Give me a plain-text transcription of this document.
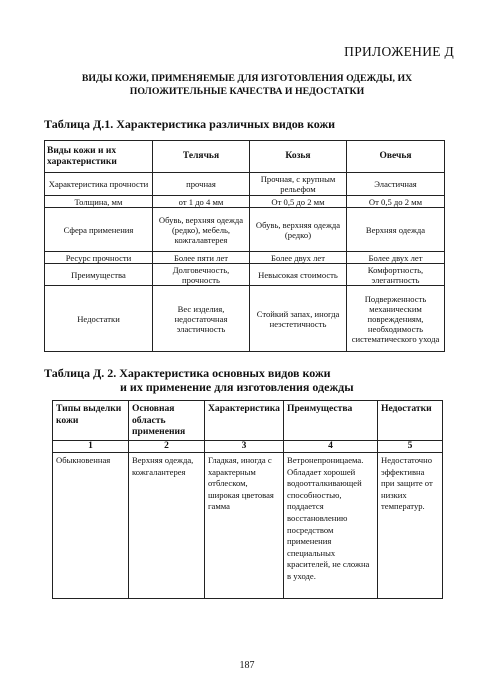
ПРИЛОЖЕНИЕ Д
ВИДЫ КОЖИ, ПРИМЕНЯЕМЫЕ ДЛЯ ИЗГОТОВЛЕНИЯ ОДЕЖДЫ, ИХ
ПОЛОЖИТЕЛЬНЫЕ КАЧЕСТВА И НЕДОСТАТКИ
Таблица Д.1. Характеристика различных видов кожи
Виды кожи и их характеристики	Телячья	Козья	Овечья
Характеристика прочности	прочная	Прочная, с крупным рельефом	Эластичная
Толщина, мм	от 1 до 4 мм	От 0,5 до 2 мм	От 0,5 до 2 мм
Сфера применения	Обувь, верхняя одежда (редко), мебель, кожгалавтерея	Обувь, верхняя одежда (редко)	Верхняя одежда
Ресурс прочности	Более пяти лет	Более двух лет	Более двух лет
Преимущества	Долговечность, прочность	Невысокая стоимость	Комфортность, элегантность
Недостатки	Вес изделия, недостаточная эластичность	Стойкий запах, иногда неэстетичность	Подверженность механическим повреждениям, необходимость систематического ухода
Таблица Д. 2. Характеристика основных видов кожи
и их применение для изготовления одежды
Типы выделки кожи	Основная область применения	Характеристика	Преимущества	Недостатки
1	2	3	4	5
Обыкновенная	Верхняя одежда, кожгалантерея	Гладкая, иногда с характерным отблеском, широкая цветовая гамма	Ветронепроницаема. Обладает хорошей водоотталкивающей способностью, поддается восстановлению посредством применения специальных красителей, не сложна в уходе.	Недостаточно эффективна при защите от низких температур.
187
